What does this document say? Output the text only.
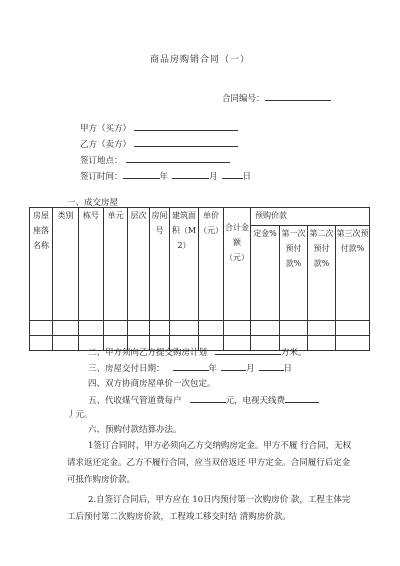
商品房购销合同（一）
合同编号：
甲方（买方）
乙方（卖方）
签订地点：
签订时间：	年	月	日
一、成交房屋
房屋座落名称	类别	栋号	单元	层次	房间号	建筑面积（M2）	单价（元）	合计金额（元）	预购价款			
									定金%	第一次预付款%	第二次预付款%	第三次预付款%

二、甲方须向乙方提交购房计划	方米。
三、房屋交付日期：	年	月	日
四、双方协商房屋单价一次包定。
五、代收煤气管道费每户	元，电视天线费
丿元。
六、预购付款结算办法。
1签订合同时，甲方必须向乙方交纳购房定金。甲方不履 行合同，无权请求返还定金。乙方不履行合同，应当双倍返还 甲方定金。合同履行后定金可抵作购房价款。
2.自签订合同后，甲方应在 10日内预付第一次购房价 款，工程主体完工后预付第二次购房价款，工程竣工移交时结 清购房价款。
